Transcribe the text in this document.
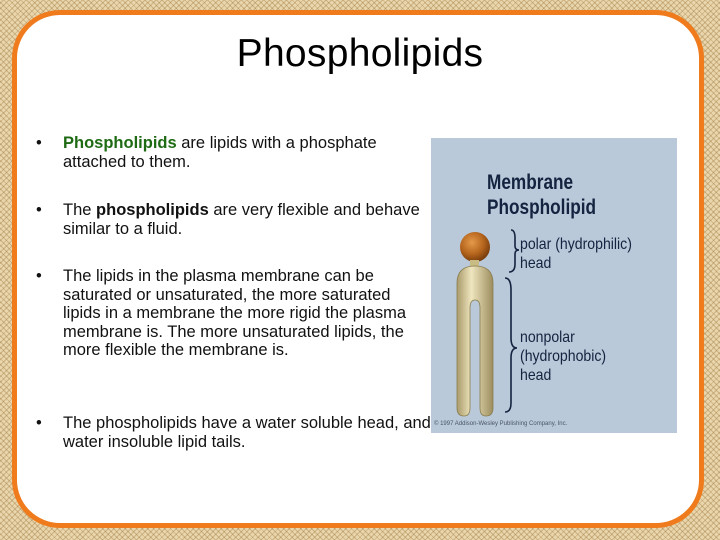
Phospholipids
• Phospholipids are lipids with a phosphate attached to them.
• The phospholipids are very flexible and behave similar to a fluid.
• The lipids in the plasma membrane can be saturated or unsaturated, the more saturated lipids in a membrane the more rigid the plasma membrane is. The more unsaturated lipids, the more flexible the membrane is.
• The phospholipids have a water soluble head, and water insoluble lipid tails.
Membrane
Phospholipid
polar (hydrophilic)
head
nonpolar
(hydrophobic)
head
© 1997 Addison-Wesley Publishing Company, Inc.
